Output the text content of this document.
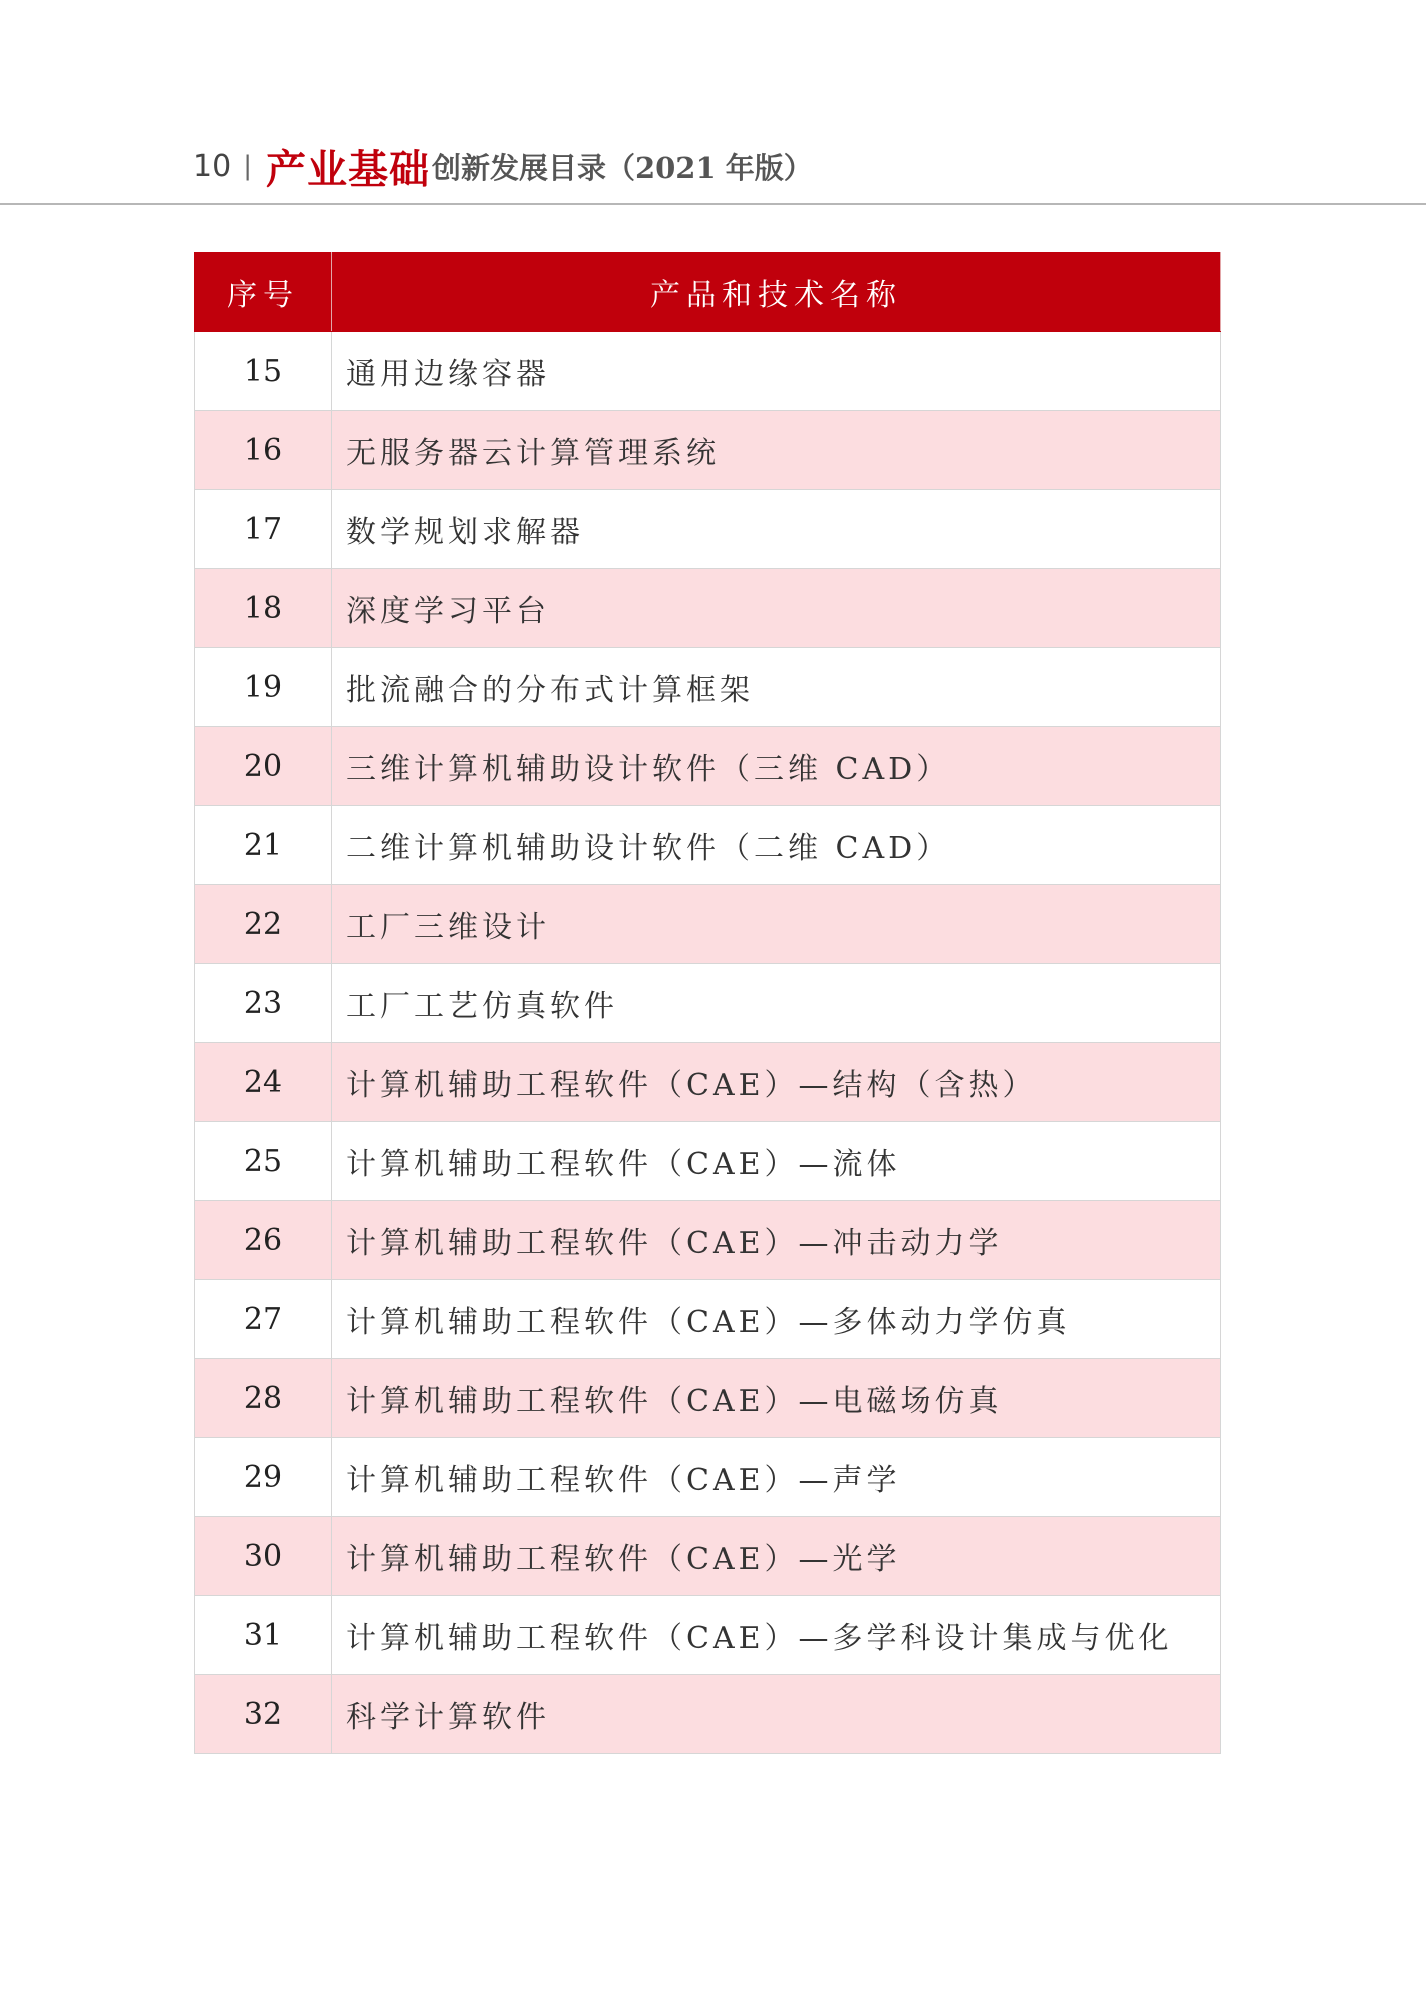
10 | 产业基础 创新发展目录（2021 年版）
序号	产品和技术名称
15	通用边缘容器
16	无服务器云计算管理系统
17	数学规划求解器
18	深度学习平台
19	批流融合的分布式计算框架
20	三维计算机辅助设计软件（三维 CAD）
21	二维计算机辅助设计软件（二维 CAD）
22	工厂三维设计
23	工厂工艺仿真软件
24	计算机辅助工程软件（CAE）—结构（含热）
25	计算机辅助工程软件（CAE）—流体
26	计算机辅助工程软件（CAE）—冲击动力学
27	计算机辅助工程软件（CAE）—多体动力学仿真
28	计算机辅助工程软件（CAE）—电磁场仿真
29	计算机辅助工程软件（CAE）—声学
30	计算机辅助工程软件（CAE）—光学
31	计算机辅助工程软件（CAE）—多学科设计集成与优化
32	科学计算软件
